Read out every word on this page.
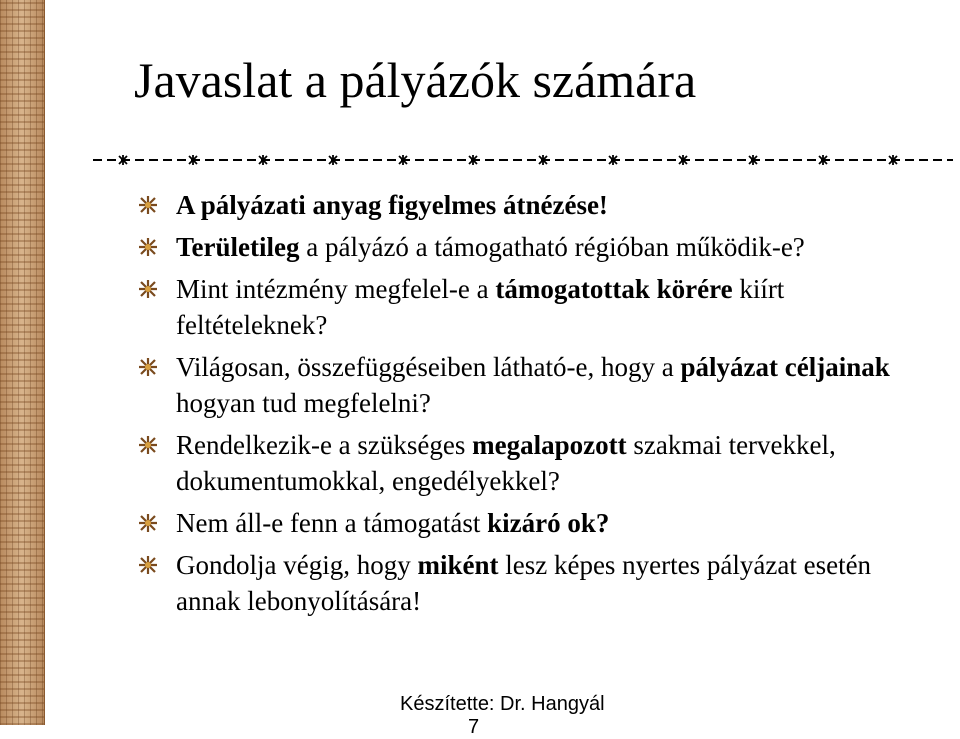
Javaslat a pályázók számára
A pályázati anyag figyelmes átnézése!
Területileg a pályázó a támogatható régióban működik-e?
Mint intézmény megfelel-e a támogatottak körére kiírt feltételeknek?
Világosan, összefüggéseiben látható-e, hogy a pályázat céljainak hogyan tud megfelelni?
Rendelkezik-e a szükséges megalapozott szakmai tervekkel, dokumentumokkal, engedélyekkel?
Nem áll-e fenn a támogatást kizáró ok?
Gondolja végig, hogy miként lesz képes nyertes pályázat esetén annak lebonyolítására!
Készítette: Dr. Hangyál
7
